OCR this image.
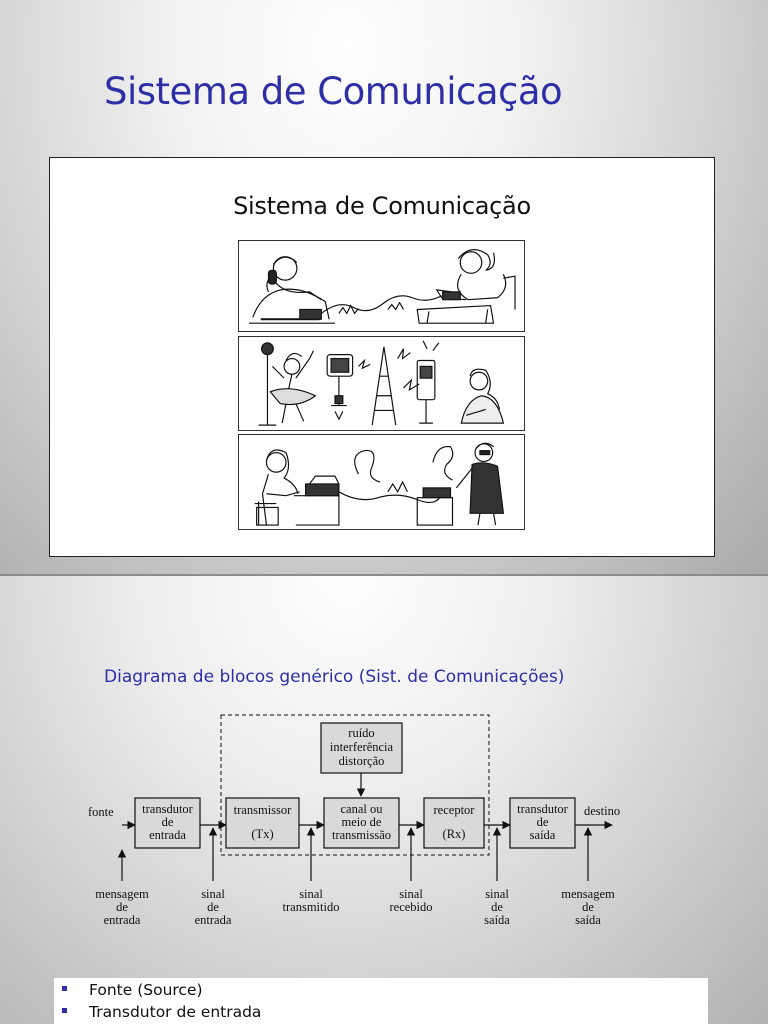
Sistema de Comunicação
Sistema de Comunicação
Diagrama de blocos genérico (Sist. de Comunicações)
ruído
interferência
distorção
transdutor
de
entrada
transmissor
(Tx)
canal ou
meio de
transmissão
receptor
(Rx)
transdutor
de
saída
fonte	destino
mensagem
de
entrada
sinal
de
entrada
sinal
transmitido
sinal
recebido
sinal
de
saída
mensagem
de
saída
Fonte (Source)
Transdutor de entrada
